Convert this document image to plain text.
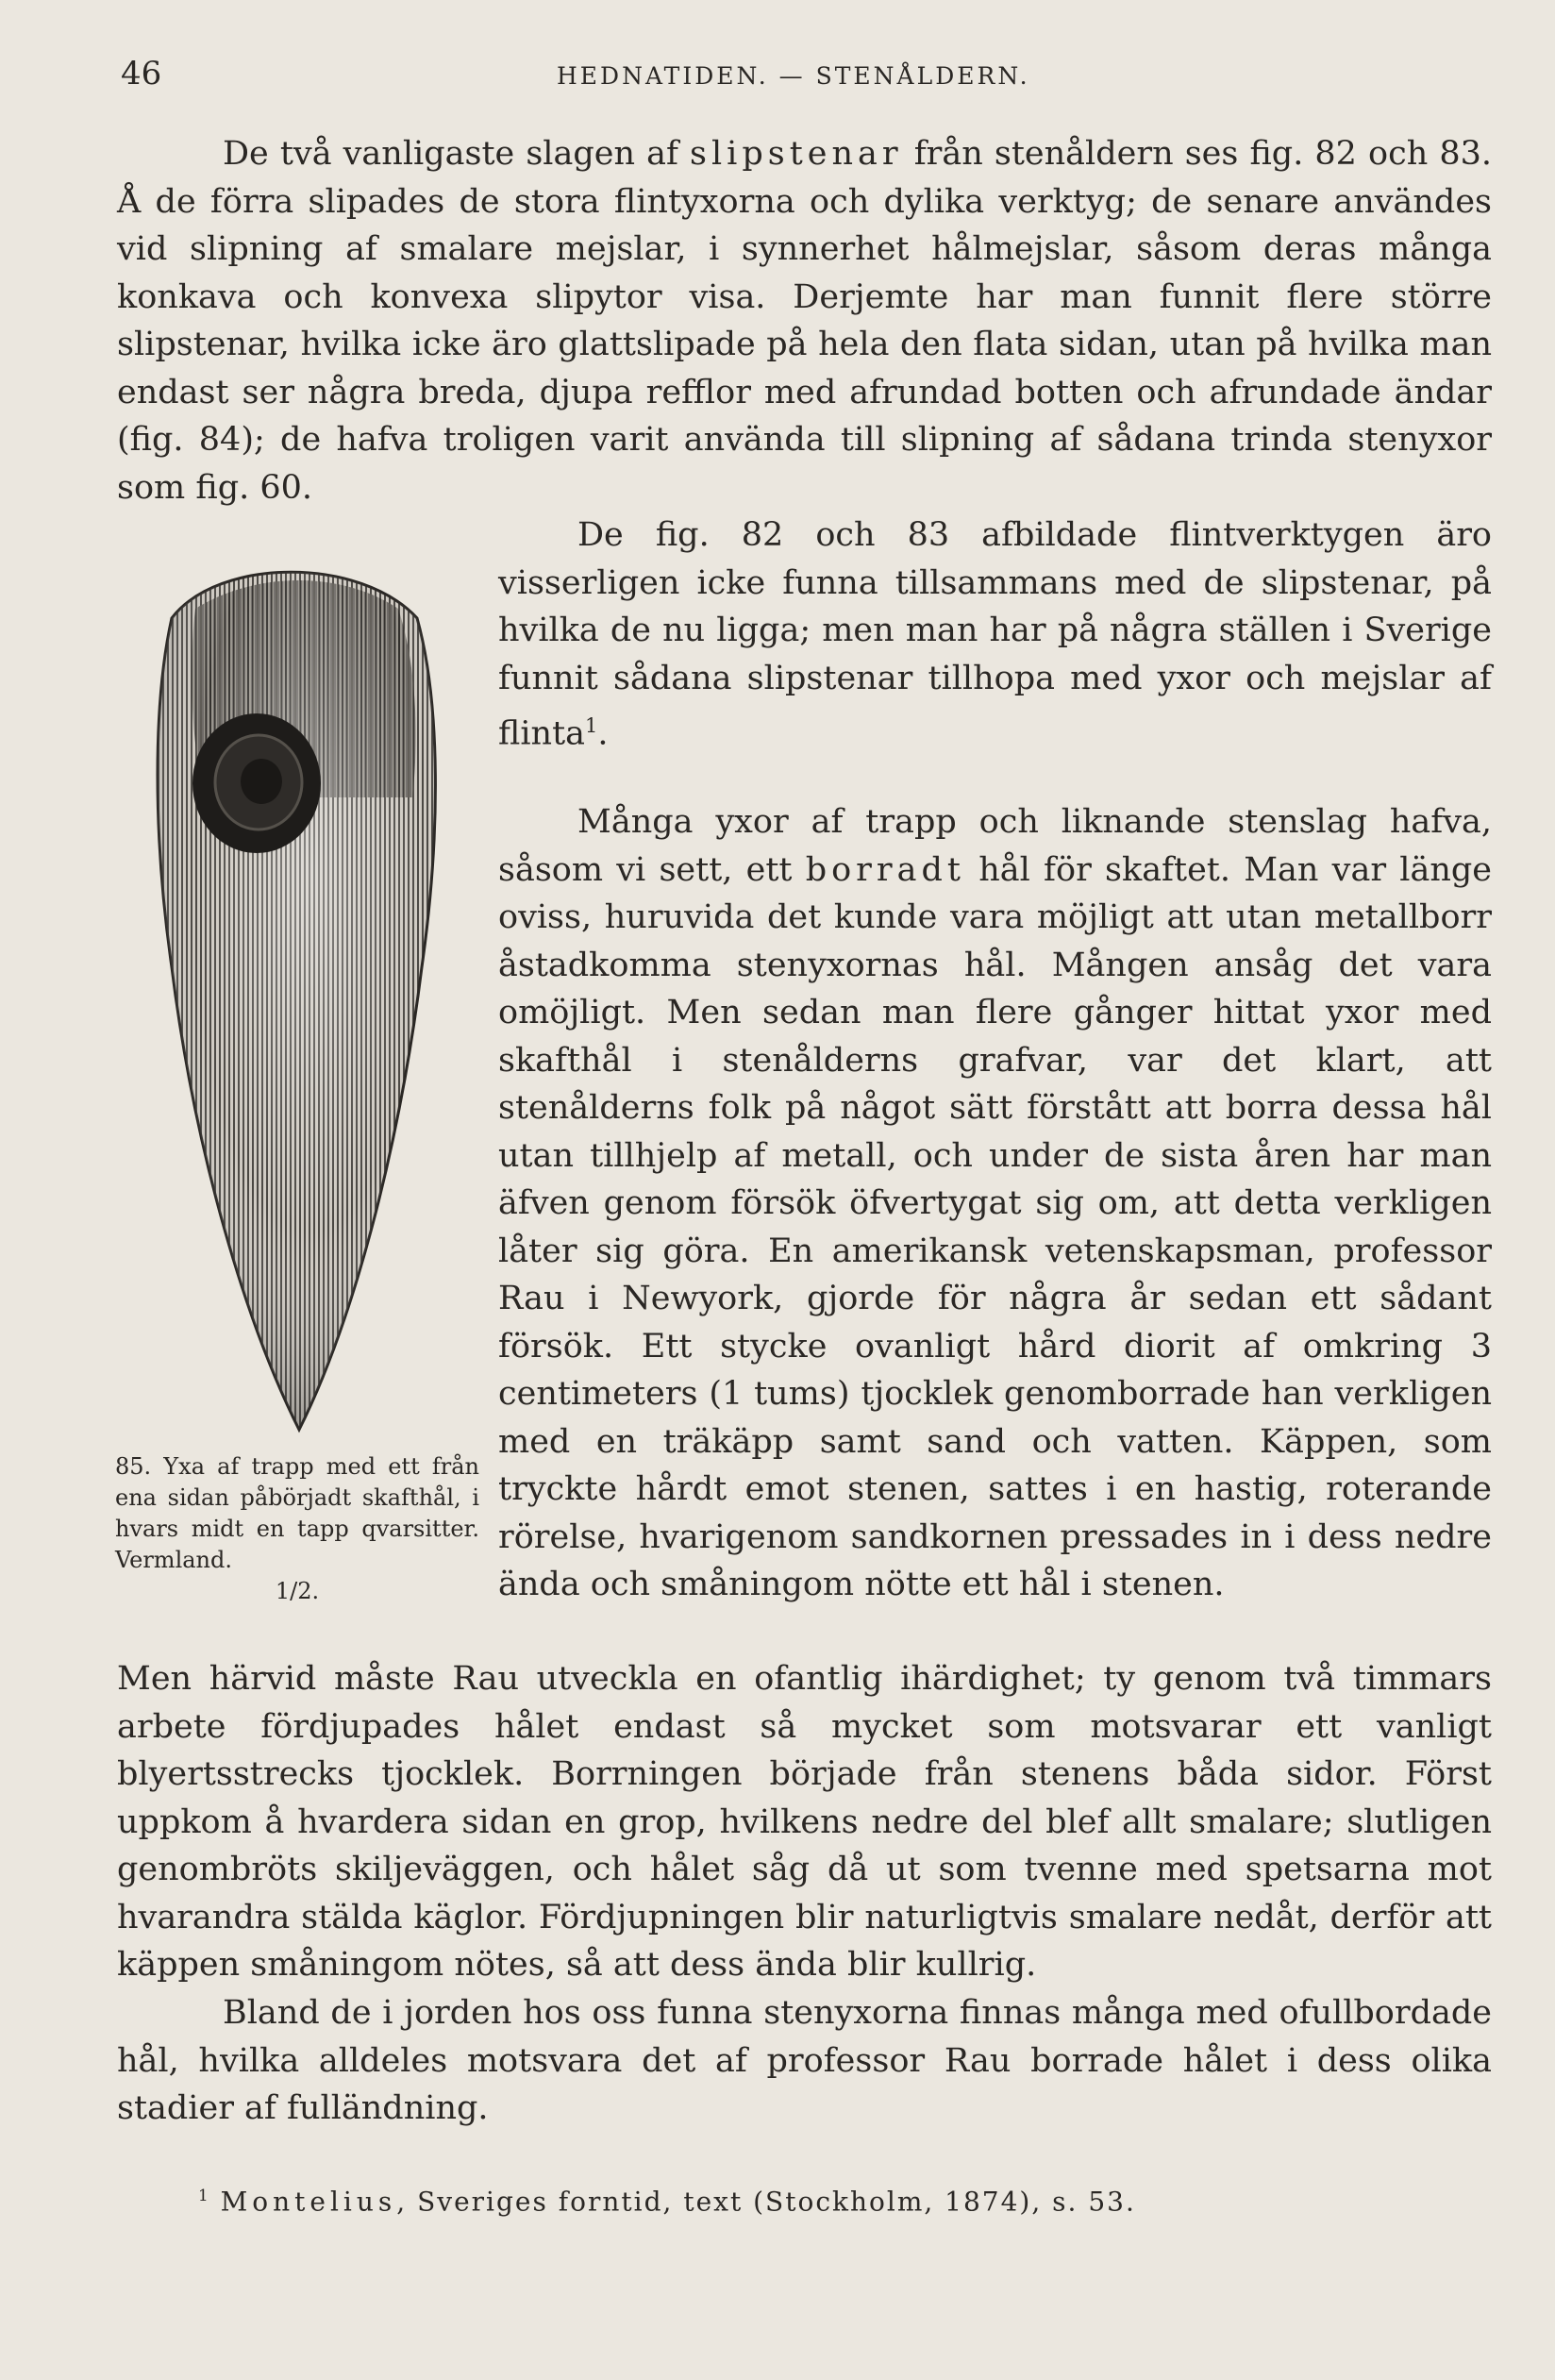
46	HEDNATIDEN. — STENÅLDERN.

De två vanligaste slagen af slipstenar från stenåldern ses fig. 82 och 83. Å de förra slipades de stora flintyxorna och dylika verktyg; de senare användes vid slipning af smalare mejslar, i synnerhet hålmejslar, såsom deras många konkava och konvexa slipytor visa. Derjemte har man funnit flere större slipstenar, hvilka icke äro glattslipade på hela den flata sidan, utan på hvilka man endast ser några breda, djupa refflor med afrundad botten och afrundade ändar (fig. 84); de hafva troligen varit använda till slipning af sådana trinda stenyxor som fig. 60.

De fig. 82 och 83 afbildade flintverktygen äro visserligen icke funna tillsammans med de slipstenar, på hvilka de nu ligga; men man har på några ställen i Sverige funnit sådana slipstenar tillhopa med yxor och mejslar af flinta$^1$.

Många yxor af trapp och liknande stenslag hafva, såsom vi sett, ett borradt hål för skaftet. Man var länge oviss, huruvida det kunde vara möjligt att utan metallborr åstadkomma stenyxornas hål. Mången ansåg det vara omöjligt. Men sedan man flere gånger hittat yxor med skafthål i stenålderns grafvar, var det klart, att stenålderns folk på något sätt förstått att borra dessa hål utan tillhjelp af metall, och under de sista åren har man äfven genom försök öfvertygat sig om, att detta verkligen låter sig göra. En amerikansk vetenskapsman, professor Rau i Newyork, gjorde för några år sedan ett sådant försök. Ett stycke ovanligt hård diorit af omkring 3 centimeters (1 tums) tjocklek genomborrade han verkligen med en träkäpp samt sand och vatten. Käppen, som tryckte hårdt emot stenen, sattes i en hastig, roterande rörelse, hvarigenom sandkornen pressades in i dess nedre ända och småningom nötte ett hål i stenen.

Men härvid måste Rau utveckla en ofantlig ihärdighet; ty genom två timmars arbete fördjupades hålet endast så mycket som motsvarar ett vanligt blyertsstrecks tjocklek. Borrningen började från stenens båda sidor. Först uppkom å hvardera sidan en grop, hvilkens nedre del blef allt smalare; slutligen genombröts skiljeväggen, och hålet såg då ut som tvenne med spetsarna mot hvarandra stälda käglor. Fördjupningen blir naturligtvis smalare nedåt, derför att käppen småningom nötes, så att dess ända blir kullrig.

Bland de i jorden hos oss funna stenyxorna finnas många med ofullbordade hål, hvilka alldeles motsvara det af professor Rau borrade hålet i dess olika stadier af fulländning.

85. Yxa af trapp med ett från ena sidan påbörjadt skafthål, i hvars midt en tapp qvarsitter. Vermland.
1/2.
$^1$ Montelius, Sveriges forntid, text (Stockholm, 1874), s. 53.
